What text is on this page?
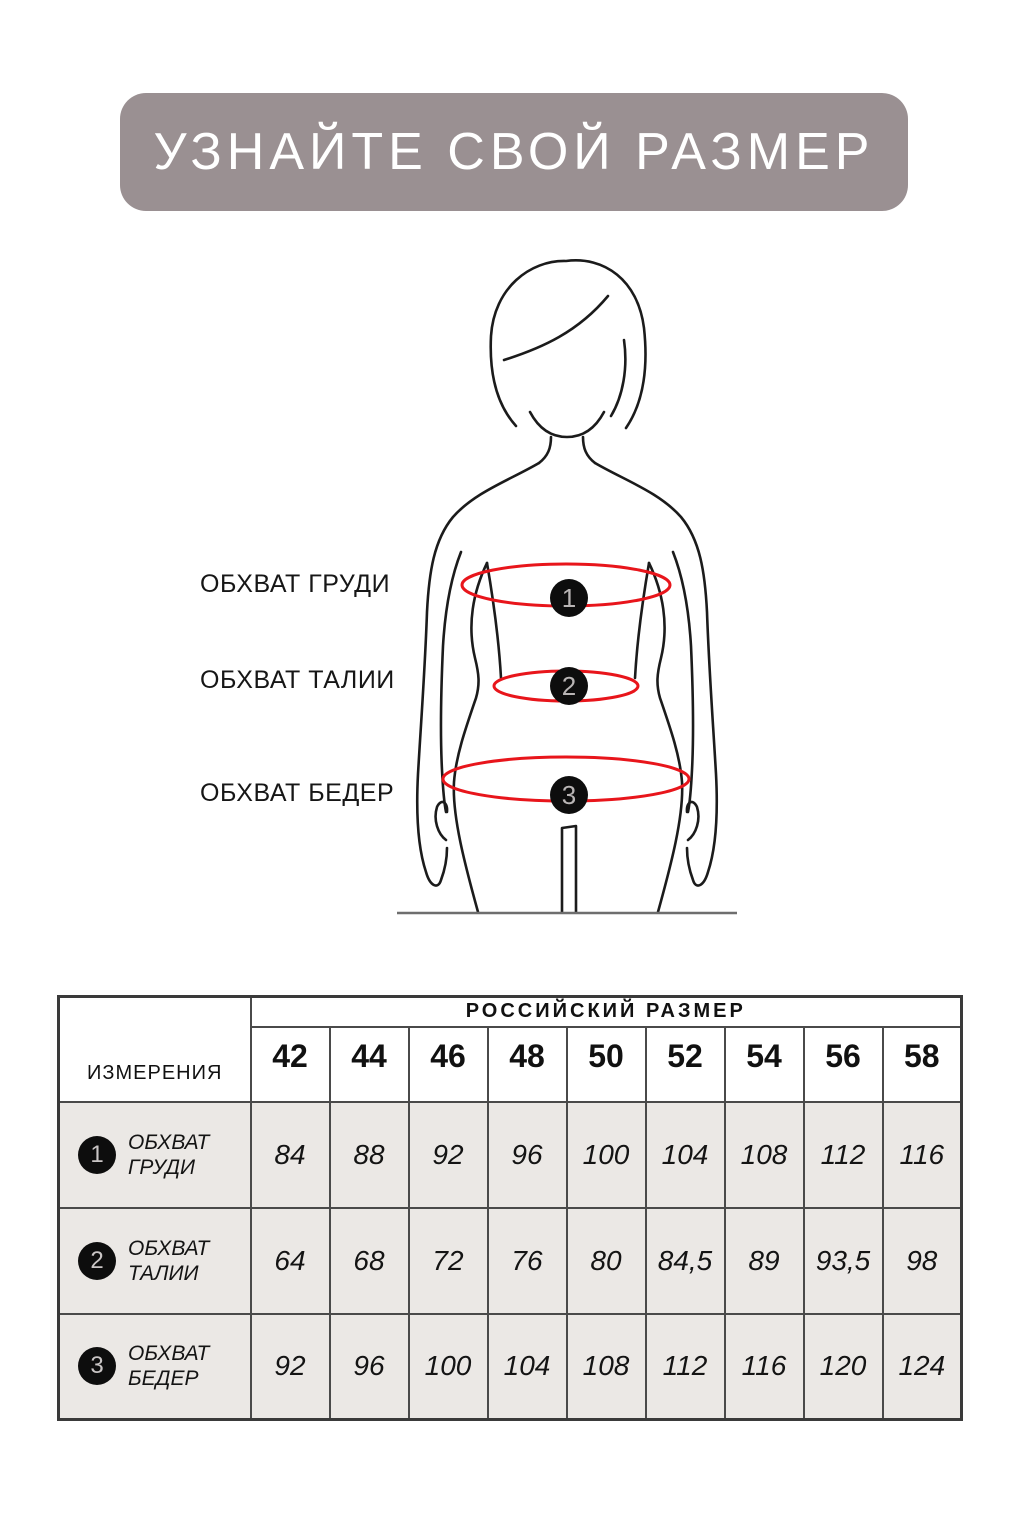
УЗНАЙТЕ СВОЙ РАЗМЕР
ОБХВАТ ГРУДИ
ОБХВАТ ТАЛИИ
ОБХВАТ БЕДЕР
1
2
3
ИЗМЕРЕНИЯ	РОССИЙСКИЙ РАЗМЕР								
	42	44	46	48	50	52	54	56	58

1 ОБХВАТ
ГРУДИ	84	88	92	96	100	104	108	112	116

2 ОБХВАТ
ТАЛИИ	64	68	72	76	80	84,5	89	93,5	98

3 ОБХВАТ
БЕДЕР	92	96	100	104	108	112	116	120	124
